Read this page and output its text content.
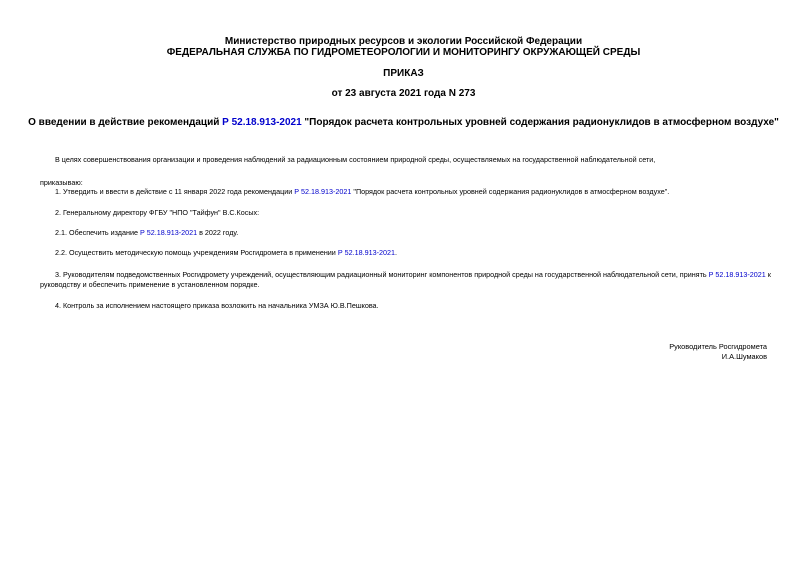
Министерство природных ресурсов и экологии Российской Федерации
ФЕДЕРАЛЬНАЯ СЛУЖБА ПО ГИДРОМЕТЕОРОЛОГИИ И МОНИТОРИНГУ ОКРУЖАЮЩЕЙ СРЕДЫ
ПРИКАЗ
от 23 августа 2021 года N 273
О введении в действие рекомендаций Р 52.18.913-2021 "Порядок расчета контрольных уровней содержания радионуклидов в атмосферном воздухе"
В целях совершенствования организации и проведения наблюдений за радиационным состоянием природной среды, осуществляемых на государственной наблюдательной сети,
приказываю:
1. Утвердить и ввести в действие с 11 января 2022 года рекомендации Р 52.18.913-2021 "Порядок расчета контрольных уровней содержания радионуклидов в атмосферном воздухе".
2. Генеральному директору ФГБУ "НПО "Тайфун" В.С.Косых:
2.1. Обеспечить издание Р 52.18.913-2021 в 2022 году.
2.2. Осуществить методическую помощь учреждениям Росгидромета в применении Р 52.18.913-2021.
3. Руководителям подведомственных Росгидромету учреждений, осуществляющим радиационный мониторинг компонентов природной среды на государственной наблюдательной сети, принять Р 52.18.913-2021 к руководству и обеспечить применение в установленном порядке.
4. Контроль за исполнением настоящего приказа возложить на начальника УМЗА Ю.В.Пешкова.
Руководитель Росгидромета
И.А.Шумаков
